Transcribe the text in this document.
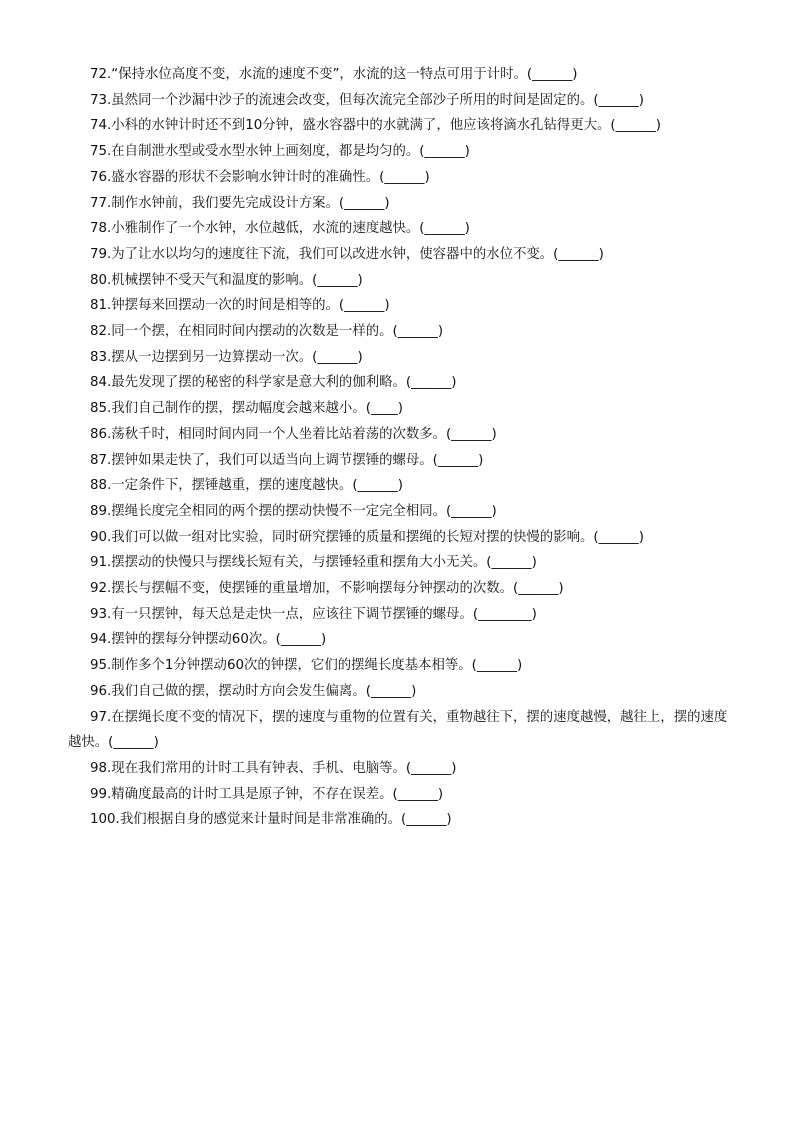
72.“保持水位高度不变，水流的速度不变”，水流的这一特点可用于计时。(______)
73.虽然同一个沙漏中沙子的流速会改变，但每次流完全部沙子所用的时间是固定的。(______)
74.小科的水钟计时还不到10分钟，盛水容器中的水就满了，他应该将滴水孔钻得更大。(______)
75.在自制泄水型或受水型水钟上画刻度，都是均匀的。(______)
76.盛水容器的形状不会影响水钟计时的准确性。(______)
77.制作水钟前，我们要先完成设计方案。(______)
78.小雅制作了一个水钟，水位越低，水流的速度越快。(______)
79.为了让水以均匀的速度往下流，我们可以改进水钟，使容器中的水位不变。(______)
80.机械摆钟不受天气和温度的影响。(______)
81.钟摆每来回摆动一次的时间是相等的。(______)
82.同一个摆，在相同时间内摆动的次数是一样的。(______)
83.摆从一边摆到另一边算摆动一次。(______)
84.最先发现了摆的秘密的科学家是意大利的伽利略。(______)
85.我们自己制作的摆，摆动幅度会越来越小。(____)
86.荡秋千时，相同时间内同一个人坐着比站着荡的次数多。(______)
87.摆钟如果走快了，我们可以适当向上调节摆锤的螺母。(______)
88.一定条件下，摆锤越重，摆的速度越快。(______)
89.摆绳长度完全相同的两个摆的摆动快慢不一定完全相同。(______)
90.我们可以做一组对比实验，同时研究摆锤的质量和摆绳的长短对摆的快慢的影响。(______)
91.摆摆动的快慢只与摆线长短有关，与摆锤轻重和摆角大小无关。(______)
92.摆长与摆幅不变，使摆锤的重量增加，不影响摆每分钟摆动的次数。(______)
93.有一只摆钟，每天总是走快一点，应该往下调节摆锤的螺母。(________)
94.摆钟的摆每分钟摆动60次。(______)
95.制作多个1分钟摆动60次的钟摆，它们的摆绳长度基本相等。(______)
96.我们自己做的摆，摆动时方向会发生偏离。(______)
97.在摆绳长度不变的情况下，摆的速度与重物的位置有关，重物越往下，摆的速度越慢，越往上，摆的速度越快。(______)
98.现在我们常用的计时工具有钟表、手机、电脑等。(______)
99.精确度最高的计时工具是原子钟，不存在误差。(______)
100.我们根据自身的感觉来计量时间是非常准确的。(______)
